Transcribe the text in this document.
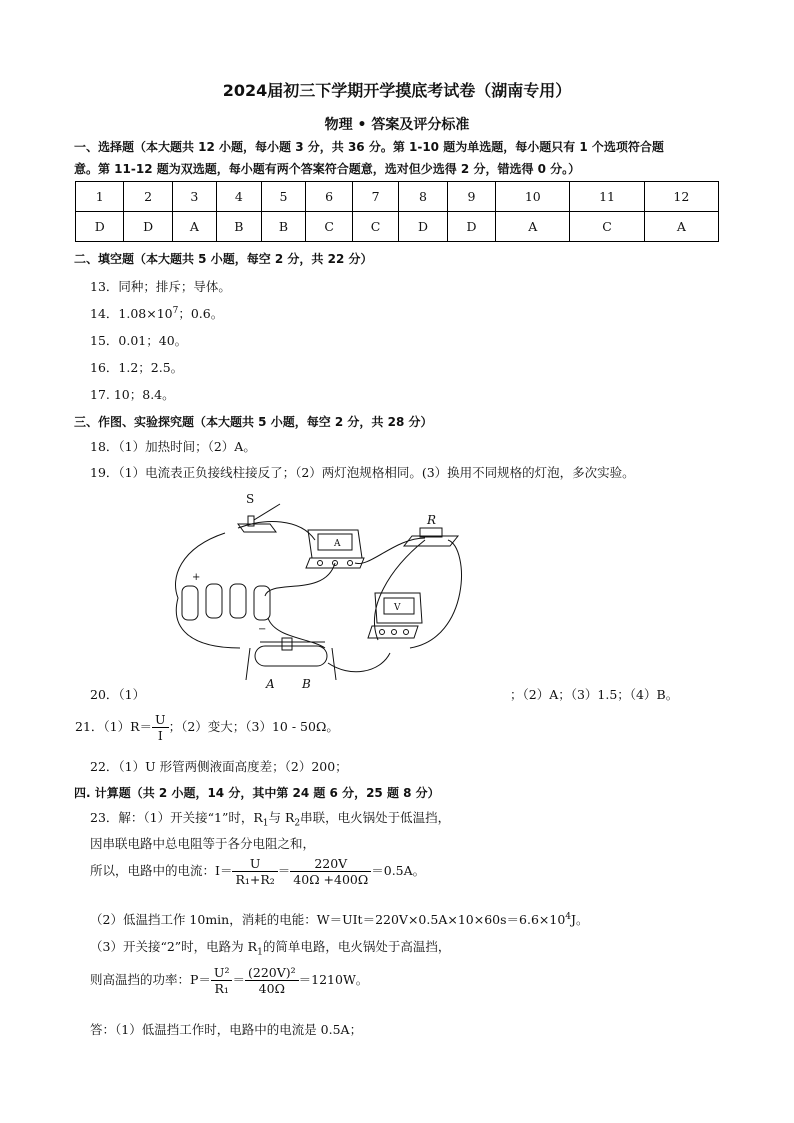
2024届初三下学期开学摸底考试卷（湖南专用）
物理 • 答案及评分标准
一、选择题（本大题共 12 小题，每小题 3 分，共 36 分。第 1-10 题为单选题，每小题只有 1 个选项符合题
意。第 11-12 题为双选题，每小题有两个答案符合题意，选对但少选得 2 分，错选得 0 分。）
1	2	3	4	5	6	7	8	9	10	11	12
D	D	A	B	B	C	C	D	D	A	C	A
二、填空题（本大题共 5 小题，每空 2 分，共 22 分）
13．同种；排斥；导体。
14．$1.08\times 10^7$；0.6。
15．0.01；40。
16．1.2；2.5。
17. 10；8.4。
三、作图、实验探究题（本大题共 5 小题，每空 2 分，共 28 分）
18．（1）加热时间；（2）A。
19．（1）电流表正负接线柱接反了；（2）两灯泡规格相同。(3）换用不同规格的灯泡，多次实验。
S
A
R
V
+
−
A B
20．（1）	；（2）A；（3）1.5；（4）B。
21．$(1)R= \frac{U}{I}$ ；（2）变大；（3）10 - 50Ω。
22．（1）U 形管两侧液面高度差；（2）200；
四. 计算题（共 2 小题，14 分，其中第 24 题 6 分，25 题 8 分）
23．解：（1）开关接“1”时，$R_1$与 $R_2$串联，电火锅处于低温挡，
因串联电路中总电阻等于各分电阻之和，
所以，电路中的电流：$I= \frac{U}{\text{R₁+R₂}} = \frac{220V}{40\Omega +400\Omega} =0.5A$。
（2）低温挡工作 10min，消耗的电能：$W=UIt=220V\times 0.5A\times 10\times 60s=6.6\times 10^4J$。
（3）开关接“2”时，电路为 $R_1$的简单电路，电火锅处于高温挡，
则高温挡的功率：$P= \frac{\text{U²}}{\text{R₁}} = \frac{\text{(220V)²}}{40\Omega} =1210W$。
答：（1）低温挡工作时，电路中的电流是 0.5A；
